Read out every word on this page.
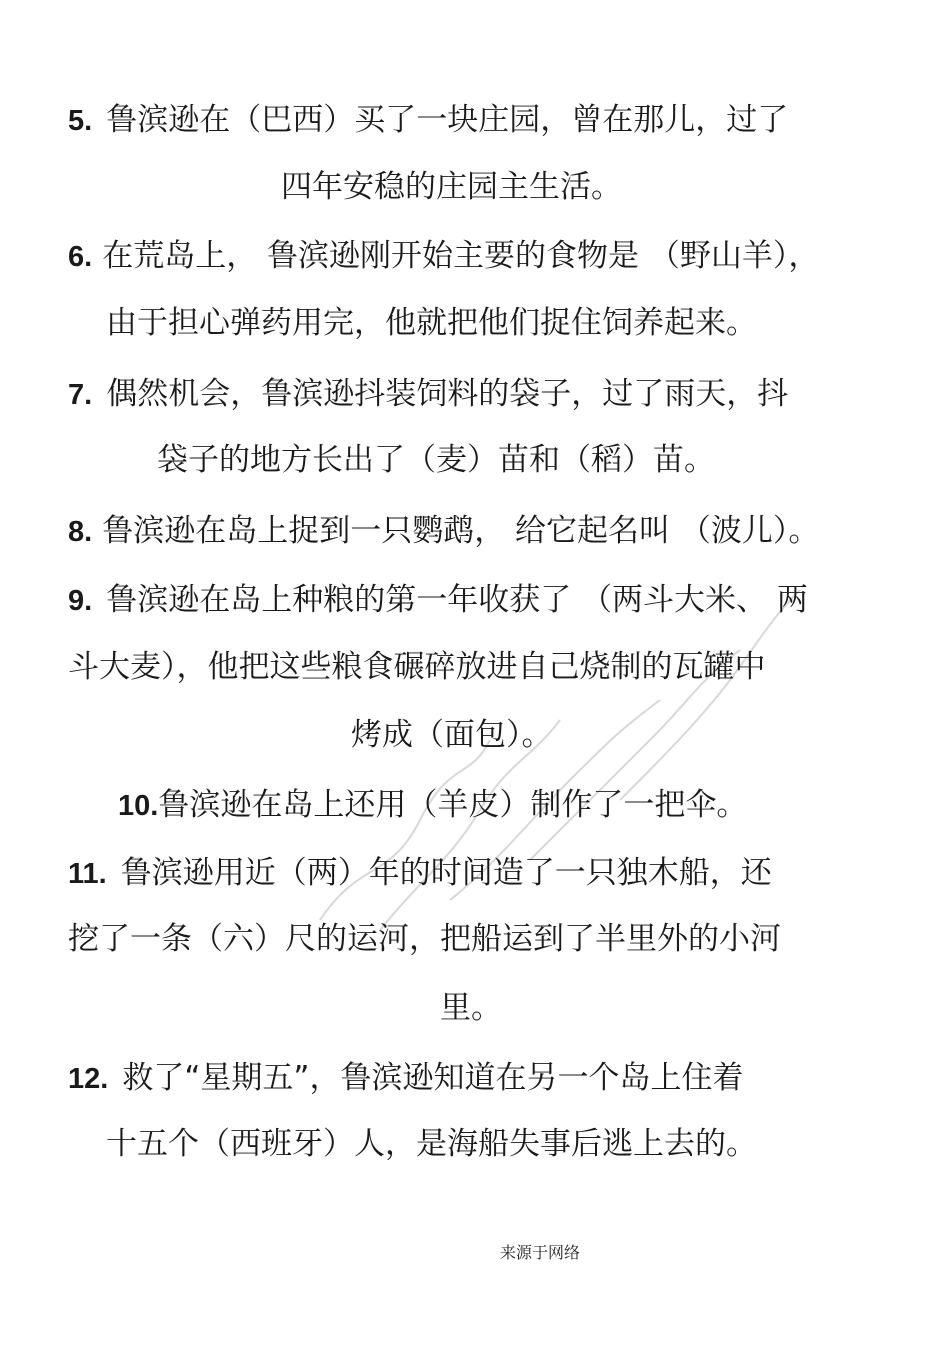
5. 鲁滨逊在（巴西）买了一块庄园，曾在那儿，过了
四年安稳的庄园主生活。
6. 在荒岛上， 鲁滨逊刚开始主要的食物是 （野山羊），
由于担心弹药用完，他就把他们捉住饲养起来。
7. 偶然机会，鲁滨逊抖装饲料的袋子，过了雨天，抖
袋子的地方长出了（麦）苗和（稻）苗。
8. 鲁滨逊在岛上捉到一只鹦鹉， 给它起名叫 （波儿）。
9. 鲁滨逊在岛上种粮的第一年收获了 （两斗大米、 两
斗大麦），他把这些粮食碾碎放进自己烧制的瓦罐中
烤成（面包）。
10.鲁滨逊在岛上还用（羊皮）制作了一把伞。
11. 鲁滨逊用近（两）年的时间造了一只独木船，还
挖了一条（六）尺的运河，把船运到了半里外的小河
里。
12. 救了“星期五”，鲁滨逊知道在另一个岛上住着
十五个（西班牙）人，是海船失事后逃上去的。
来源于网络
